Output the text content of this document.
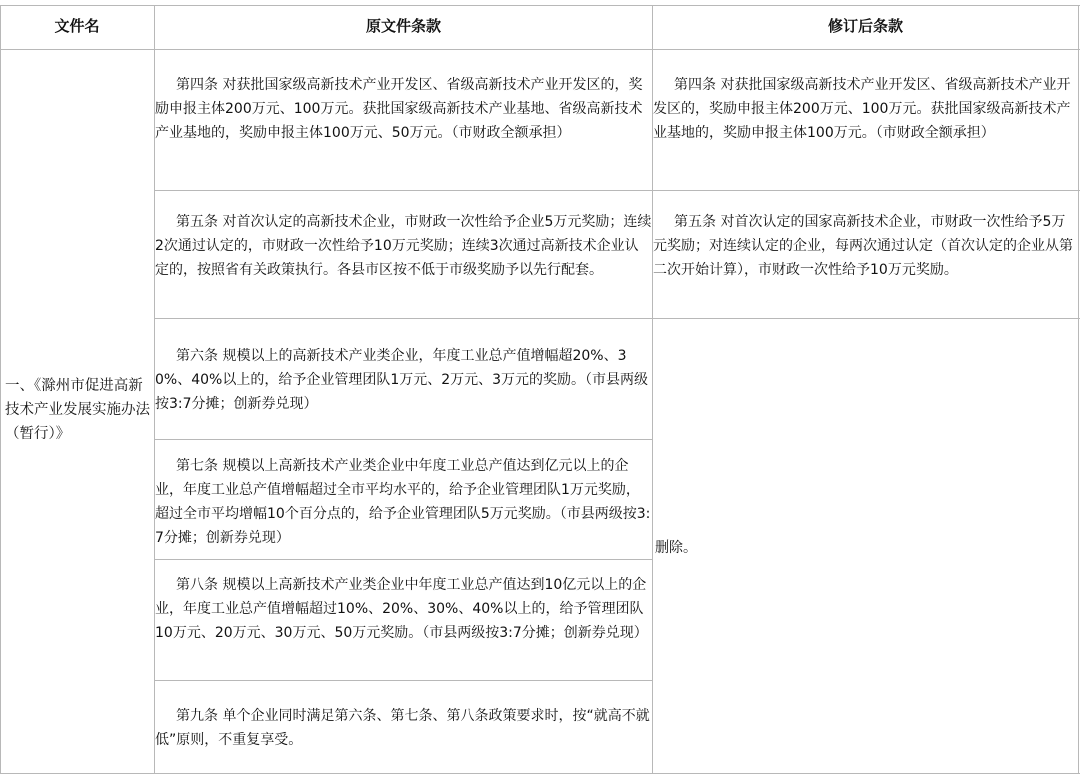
文件名	原文件条款	修订后条款
一、《滁州市促进高新技术产业发展实施办法（暂行）》
第四条 对获批国家级高新技术产业开发区、省级高新技术产业开发区的，奖励申报主体200万元、100万元。获批国家级高新技术产业基地、省级高新技术产业基地的，奖励申报主体100万元、50万元。（市财政全额承担）
第五条 对首次认定的高新技术企业，市财政一次性给予企业5万元奖励；连续2次通过认定的，市财政一次性给予10万元奖励；连续3次通过高新技术企业认定的，按照省有关政策执行。各县市区按不低于市级奖励予以先行配套。
第六条 规模以上的高新技术产业类企业，年度工业总产值增幅超20%、30%、40%以上的，给予企业管理团队1万元、2万元、3万元的奖励。（市县两级按3:7分摊；创新券兑现）
第七条 规模以上高新技术产业类企业中年度工业总产值达到亿元以上的企业，年度工业总产值增幅超过全市平均水平的，给予企业管理团队1万元奖励，超过全市平均增幅10个百分点的，给予企业管理团队5万元奖励。（市县两级按3:7分摊；创新券兑现）
第八条 规模以上高新技术产业类企业中年度工业总产值达到10亿元以上的企业，年度工业总产值增幅超过10%、20%、30%、40%以上的，给予管理团队10万元、20万元、30万元、50万元奖励。（市县两级按3:7分摊；创新券兑现）
第九条 单个企业同时满足第六条、第七条、第八条政策要求时，按“就高不就低”原则，不重复享受。
第四条 对获批国家级高新技术产业开发区、省级高新技术产业开发区的，奖励申报主体200万元、100万元。获批国家级高新技术产业基地的，奖励申报主体100万元。（市财政全额承担）
第五条 对首次认定的国家高新技术企业，市财政一次性给予5万元奖励；对连续认定的企业，每两次通过认定（首次认定的企业从第二次开始计算），市财政一次性给予10万元奖励。
删除。
